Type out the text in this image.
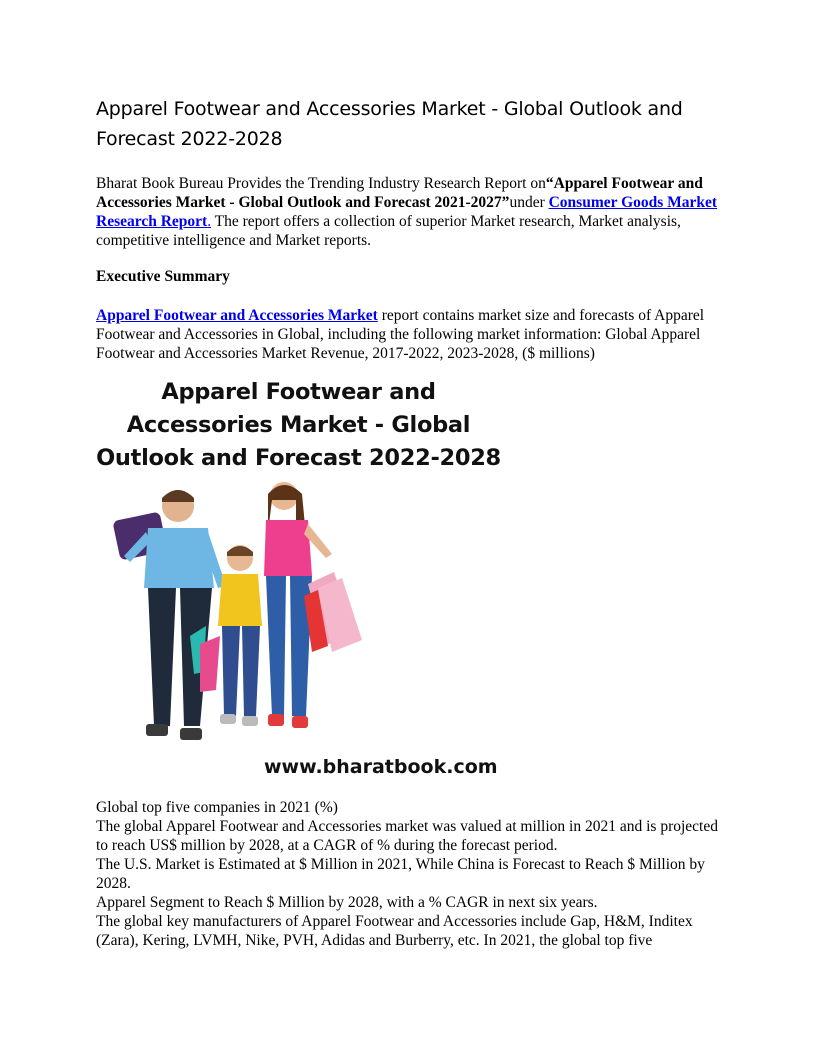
Apparel Footwear and Accessories Market - Global Outlook and Forecast 2022-2028

Bharat Book Bureau Provides the Trending Industry Research Report on“Apparel Footwear and Accessories Market - Global Outlook and Forecast 2021-2027”under Consumer Goods Market Research Report. The report offers a collection of superior Market research, Market analysis, competitive intelligence and Market reports.

Executive Summary

Apparel Footwear and Accessories Market report contains market size and forecasts of Apparel Footwear and Accessories in Global, including the following market information: Global Apparel Footwear and Accessories Market Revenue, 2017-2022, 2023-2028, ($ millions)

Apparel Footwear and Accessories Market - Global Outlook and Forecast 2022-2028
www.bharatbook.com
Global top five companies in 2021 (%)
The global Apparel Footwear and Accessories market was valued at million in 2021 and is projected to reach US$ million by 2028, at a CAGR of % during the forecast period.
The U.S. Market is Estimated at $ Million in 2021, While China is Forecast to Reach $ Million by 2028.
Apparel Segment to Reach $ Million by 2028, with a % CAGR in next six years.
The global key manufacturers of Apparel Footwear and Accessories include Gap, H&M, Inditex (Zara), Kering, LVMH, Nike, PVH, Adidas and Burberry, etc. In 2021, the global top five
